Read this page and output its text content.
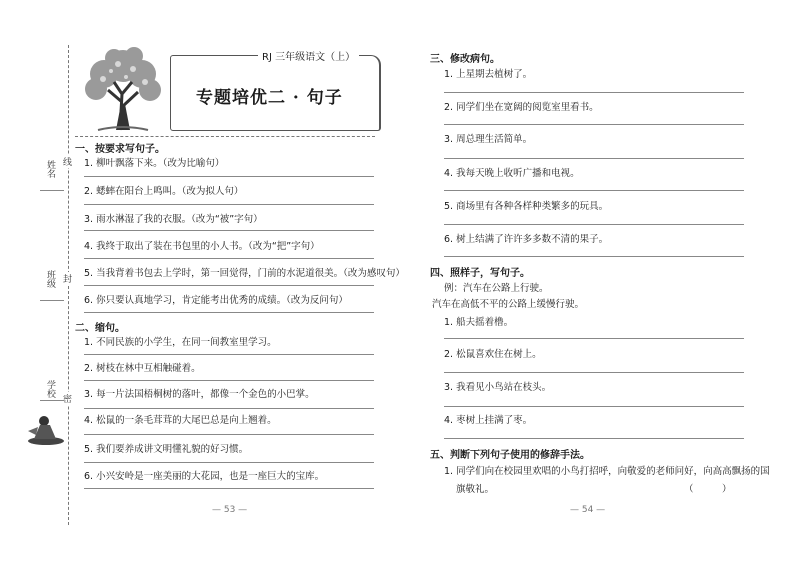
姓名
班级
学校
线
封
密
RJ 三年级语文（上）
专题培优二 · 句子
一、按要求写句子。
1. 柳叶飘落下来。（改为比喻句）
2. 蟋蟀在阳台上鸣叫。（改为拟人句）
3. 雨水淋湿了我的衣服。（改为“被”字句）
4. 我终于取出了装在书包里的小人书。（改为“把”字句）
5. 当我背着书包去上学时，第一回觉得，门前的水泥道很美。（改为感叹句）
6. 你只要认真地学习，肯定能考出优秀的成绩。（改为反问句）
二、缩句。
1. 不同民族的小学生，在同一间教室里学习。
2. 树枝在林中互相触碰着。
3. 每一片法国梧桐树的落叶，都像一个金色的小巴掌。
4. 松鼠的一条毛茸茸的大尾巴总是向上翘着。
5. 我们要养成讲文明懂礼貌的好习惯。
6. 小兴安岭是一座美丽的大花园，也是一座巨大的宝库。
— 53 —
三、修改病句。
1. 上星期去植树了。
2. 同学们坐在宽阔的阅览室里看书。
3. 周总理生活简单。
4. 我每天晚上收听广播和电视。
5. 商场里有各种各样种类繁多的玩具。
6. 树上结满了许许多多数不清的果子。
四、照样子，写句子。
例：汽车在公路上行驶。
汽车在高低不平的公路上缓慢行驶。
1. 船夫摇着橹。
2. 松鼠喜欢住在树上。
3. 我看见小鸟站在枝头。
4. 枣树上挂满了枣。
五、判断下列句子使用的修辞手法。
1. 同学们向在校园里欢唱的小鸟打招呼，向敬爱的老师问好，向高高飘扬的国
旗敬礼。	（　　　）
— 54 —
